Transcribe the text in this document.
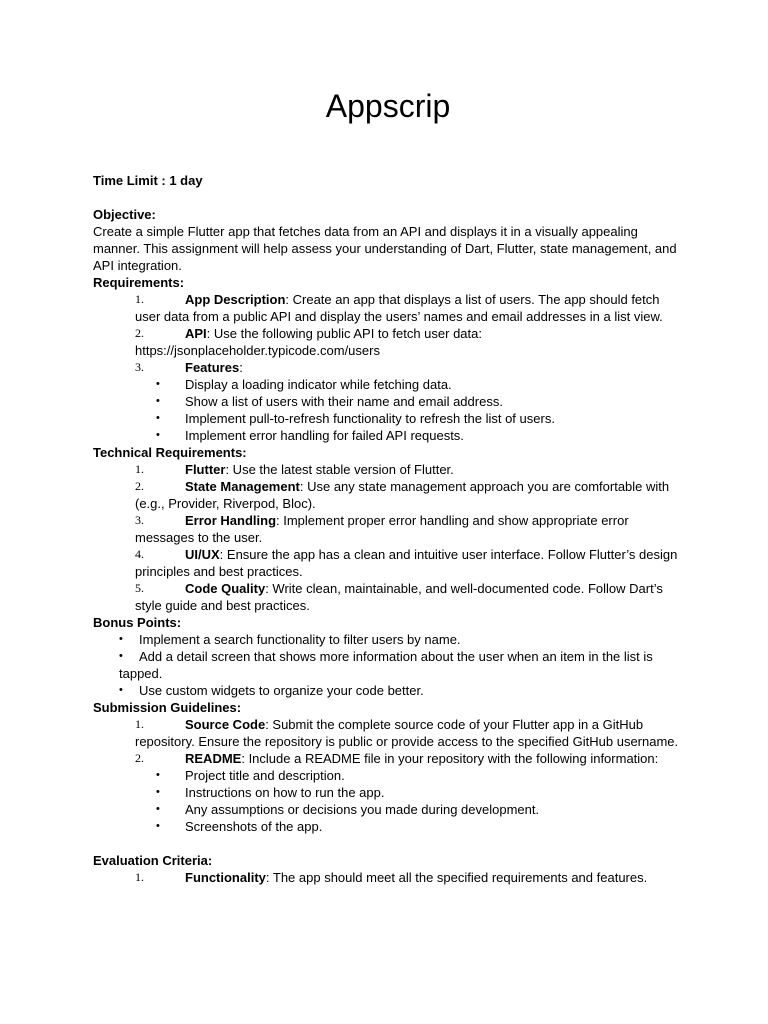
Appscrip

Time Limit : 1 day

Objective:

Create a simple Flutter app that fetches data from an API and displays it in a visually appealing manner. This assignment will help assess your understanding of Dart, Flutter, state management, and API integration.

Requirements:

1.	App Description: Create an app that displays a list of users. The app should fetch user data from a public API and display the users’ names and email addresses in a list view.
2.	API: Use the following public API to fetch user data: https://jsonplaceholder.typicode.com/users
3.	Features:
• Display a loading indicator while fetching data.
• Show a list of users with their name and email address.
• Implement pull-to-refresh functionality to refresh the list of users.
• Implement error handling for failed API requests.

Technical Requirements:

1.	Flutter: Use the latest stable version of Flutter.
2.	State Management: Use any state management approach you are comfortable with (e.g., Provider, Riverpod, Bloc).
3.	Error Handling: Implement proper error handling and show appropriate error messages to the user.
4.	UI/UX: Ensure the app has a clean and intuitive user interface. Follow Flutter’s design principles and best practices.
5.	Code Quality: Write clean, maintainable, and well-documented code. Follow Dart’s style guide and best practices.

Bonus Points:

• Implement a search functionality to filter users by name.
• Add a detail screen that shows more information about the user when an item in the list is tapped.
• Use custom widgets to organize your code better.

Submission Guidelines:

1.	Source Code: Submit the complete source code of your Flutter app in a GitHub repository. Ensure the repository is public or provide access to the specified GitHub username.
2.	README: Include a README file in your repository with the following information:
• Project title and description.
• Instructions on how to run the app.
• Any assumptions or decisions you made during development.
• Screenshots of the app.

Evaluation Criteria:

1.	Functionality: The app should meet all the specified requirements and features.
